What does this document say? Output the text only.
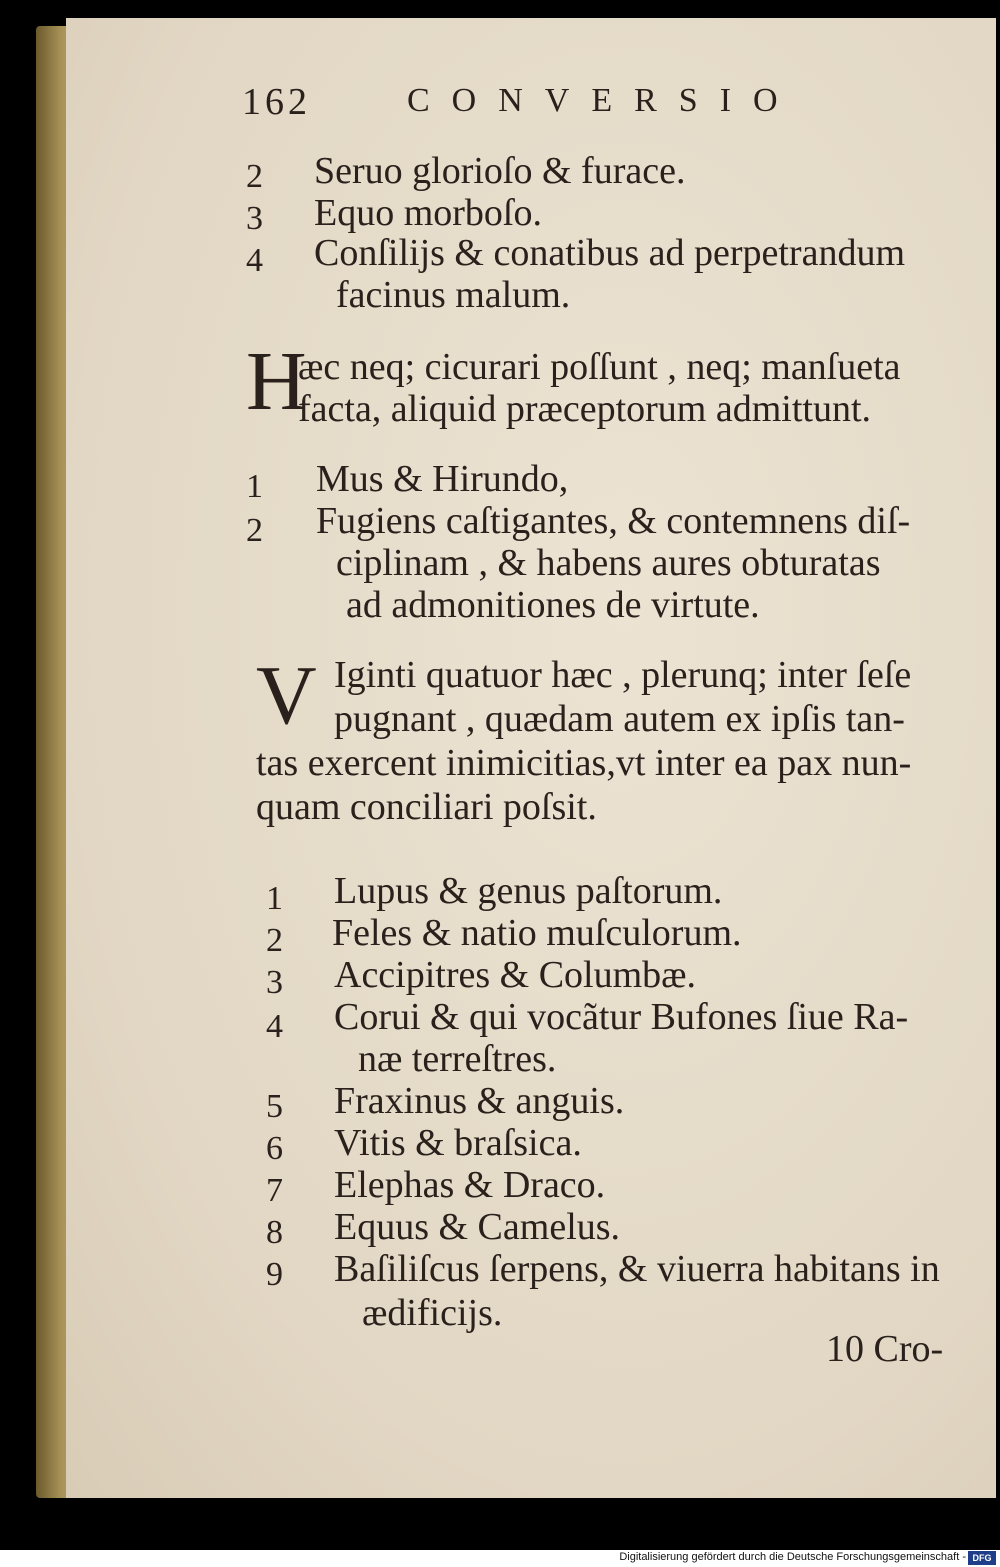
162	CONVERSIO
2 Seruo glorioſo & furace.
3 Equo morboſo.
4 Conſilijs & conatibus ad perpetrandum
facinus malum.
H
æc neq; cicurari poſſunt , neq; manſueta
facta, aliquid præceptorum admittunt.
1 Mus & Hirundo,
2 Fugiens caſtigantes, & contemnens diſ-
ciplinam , & habens aures obturatas
ad admonitiones de virtute.
V Iginti quatuor hæc , plerunq; inter ſeſe
pugnant , quædam autem ex ipſis tan-
tas exercent inimicitias,vt inter ea pax nun-
quam conciliari poſsit.
1 Lupus & genus paſtorum.
2 Feles & natio muſculorum.
3 Accipitres & Columbæ.
4 Corui & qui vocãtur Bufones ſiue Ra-
næ terreſtres.
5 Fraxinus & anguis.
6 Vitis & braſsica.
7 Elephas & Draco.
8 Equus & Camelus.
9 Baſiliſcus ſerpens, & viuerra habitans in
ædificijs.
10 Cro-
Digitalisierung gefördert durch die Deutsche Forschungsgemeinschaft - DFG
